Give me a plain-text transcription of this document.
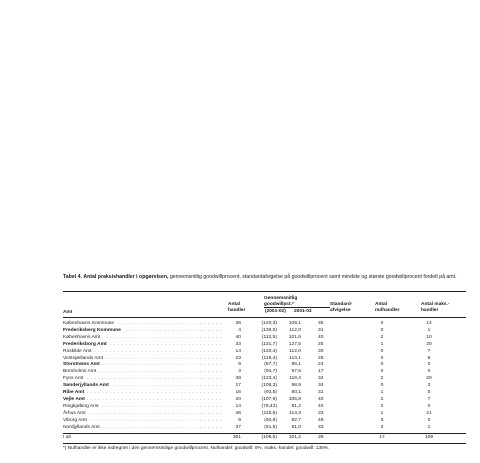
Tabel 4. Antal praksishandler i opgørelsen, gennemsnitlig goodwillprocent, standardafvigelse på goodwillprocent samt mindste og største goodwillprocent fordelt på amt.
Amt
Antal handler
Gennemsnitlig goodwillpct.*
(2001-02) 2001-03
Standard-afvigelse
Antal nulhandler
Antal maks.-handler
. . .
Københavns Kommune	36	(120,3)	109,1	35	0	14
. . .
Frederiksberg Kommune	4	(136,0)	112,0	31	0	1
. . .
Københavns Amt	40	(112,5)	101,6	40	2	10
. . .
Frederiksborg Amt	33	(131,7)	127,5	25	1	20
. . .
Roskilde Amt	14	(120,4)	112,0	30	0	7
. . .
Vestsjællands Amt	23	(118,4)	113,1	25	0	5
. . .
Storstrøms Amt	9	(87,7)	86,1	24	0	0
. . .
Bornholms Amt	3	(94,7)	97,6	17	0	0
. . .
Fyns Amt	38	(123,4)	116,4	34	2	20
. . .
Sønderjyllands Amt	17	(106,3)	98,9	34	0	3
. . .
Ribe Amt	16	(93,5)	80,1	31	1	0
. . .
Vejle Amt	20	(107,9)	105,8	40	2	7
. . .
Ringkjøbing Amt	14	(79,43)	81,2	40	2	0
. . .
Århus Amt	46	(116,6)	114,3	33	1	21
. . .
Viborg Amt	9	(60,8)	82,7	49	3	0
. . .
Nordjyllands Amt	37	(61,5)	61,0	33	3	1
I alt	361	(106,5)	101,2	39	17	109
*) Nulhandler er ikke indregnet i den gennemsnitlige goodwillprocent. Nulhandel: goodwill: 0%, maks.-handel: goodwill: 136%.
